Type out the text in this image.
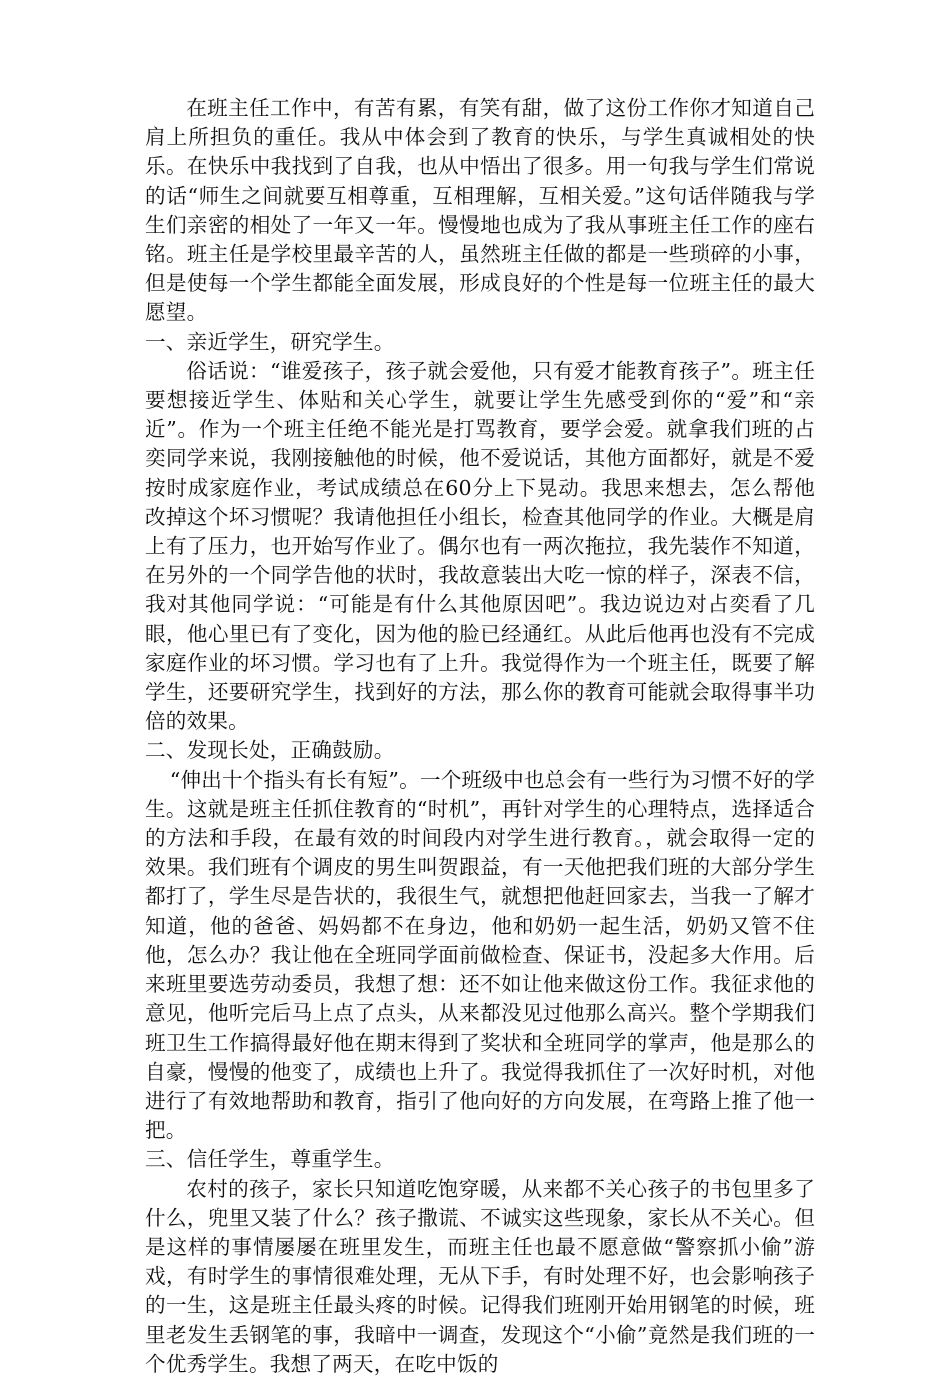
在班主任工作中，有苦有累，有笑有甜，做了这份工作你才知道自己肩上所担负的重任。我从中体会到了教育的快乐，与学生真诚相处的快乐。在快乐中我找到了自我，也从中悟出了很多。用一句我与学生们常说的话“师生之间就要互相尊重，互相理解，互相关爱。”这句话伴随我与学生们亲密的相处了一年又一年。慢慢地也成为了我从事班主任工作的座右铭。班主任是学校里最辛苦的人，虽然班主任做的都是一些琐碎的小事，但是使每一个学生都能全面发展，形成良好的个性是每一位班主任的最大愿望。

一、亲近学生，研究学生。

俗话说：“谁爱孩子，孩子就会爱他，只有爱才能教育孩子”。班主任要想接近学生、体贴和关心学生，就要让学生先感受到你的“爱”和“亲近”。作为一个班主任绝不能光是打骂教育，要学会爱。就拿我们班的占奕同学来说，我刚接触他的时候，他不爱说话，其他方面都好，就是不爱按时成家庭作业，考试成绩总在60分上下晃动。我思来想去，怎么帮他改掉这个坏习惯呢？我请他担任小组长，检查其他同学的作业。大概是肩上有了压力，也开始写作业了。偶尔也有一两次拖拉，我先装作不知道，在另外的一个同学告他的状时，我故意装出大吃一惊的样子，深表不信，我对其他同学说：“可能是有什么其他原因吧”。我边说边对占奕看了几眼，他心里已有了变化，因为他的脸已经通红。从此后他再也没有不完成家庭作业的坏习惯。学习也有了上升。我觉得作为一个班主任，既要了解学生，还要研究学生，找到好的方法，那么你的教育可能就会取得事半功倍的效果。

二、发现长处，正确鼓励。

“伸出十个指头有长有短”。一个班级中也总会有一些行为习惯不好的学生。这就是班主任抓住教育的“时机”，再针对学生的心理特点，选择适合的方法和手段，在最有效的时间段内对学生进行教育。，就会取得一定的效果。我们班有个调皮的男生叫贺跟益，有一天他把我们班的大部分学生都打了，学生尽是告状的，我很生气，就想把他赶回家去，当我一了解才知道，他的爸爸、妈妈都不在身边，他和奶奶一起生活，奶奶又管不住他，怎么办？我让他在全班同学面前做检查、保证书，没起多大作用。后来班里要选劳动委员，我想了想：还不如让他来做这份工作。我征求他的意见，他听完后马上点了点头，从来都没见过他那么高兴。整个学期我们班卫生工作搞得最好他在期末得到了奖状和全班同学的掌声，他是那么的自豪，慢慢的他变了，成绩也上升了。我觉得我抓住了一次好时机，对他进行了有效地帮助和教育，指引了他向好的方向发展，在弯路上推了他一把。

三、信任学生，尊重学生。

农村的孩子，家长只知道吃饱穿暖，从来都不关心孩子的书包里多了什么，兜里又装了什么？孩子撒谎、不诚实这些现象，家长从不关心。但是这样的事情屡屡在班里发生，而班主任也最不愿意做“警察抓小偷”游戏，有时学生的事情很难处理，无从下手，有时处理不好，也会影响孩子的一生，这是班主任最头疼的时候。记得我们班刚开始用钢笔的时候，班里老发生丢钢笔的事，我暗中一调查，发现这个“小偷”竟然是我们班的一个优秀学生。我想了两天，在吃中饭的
